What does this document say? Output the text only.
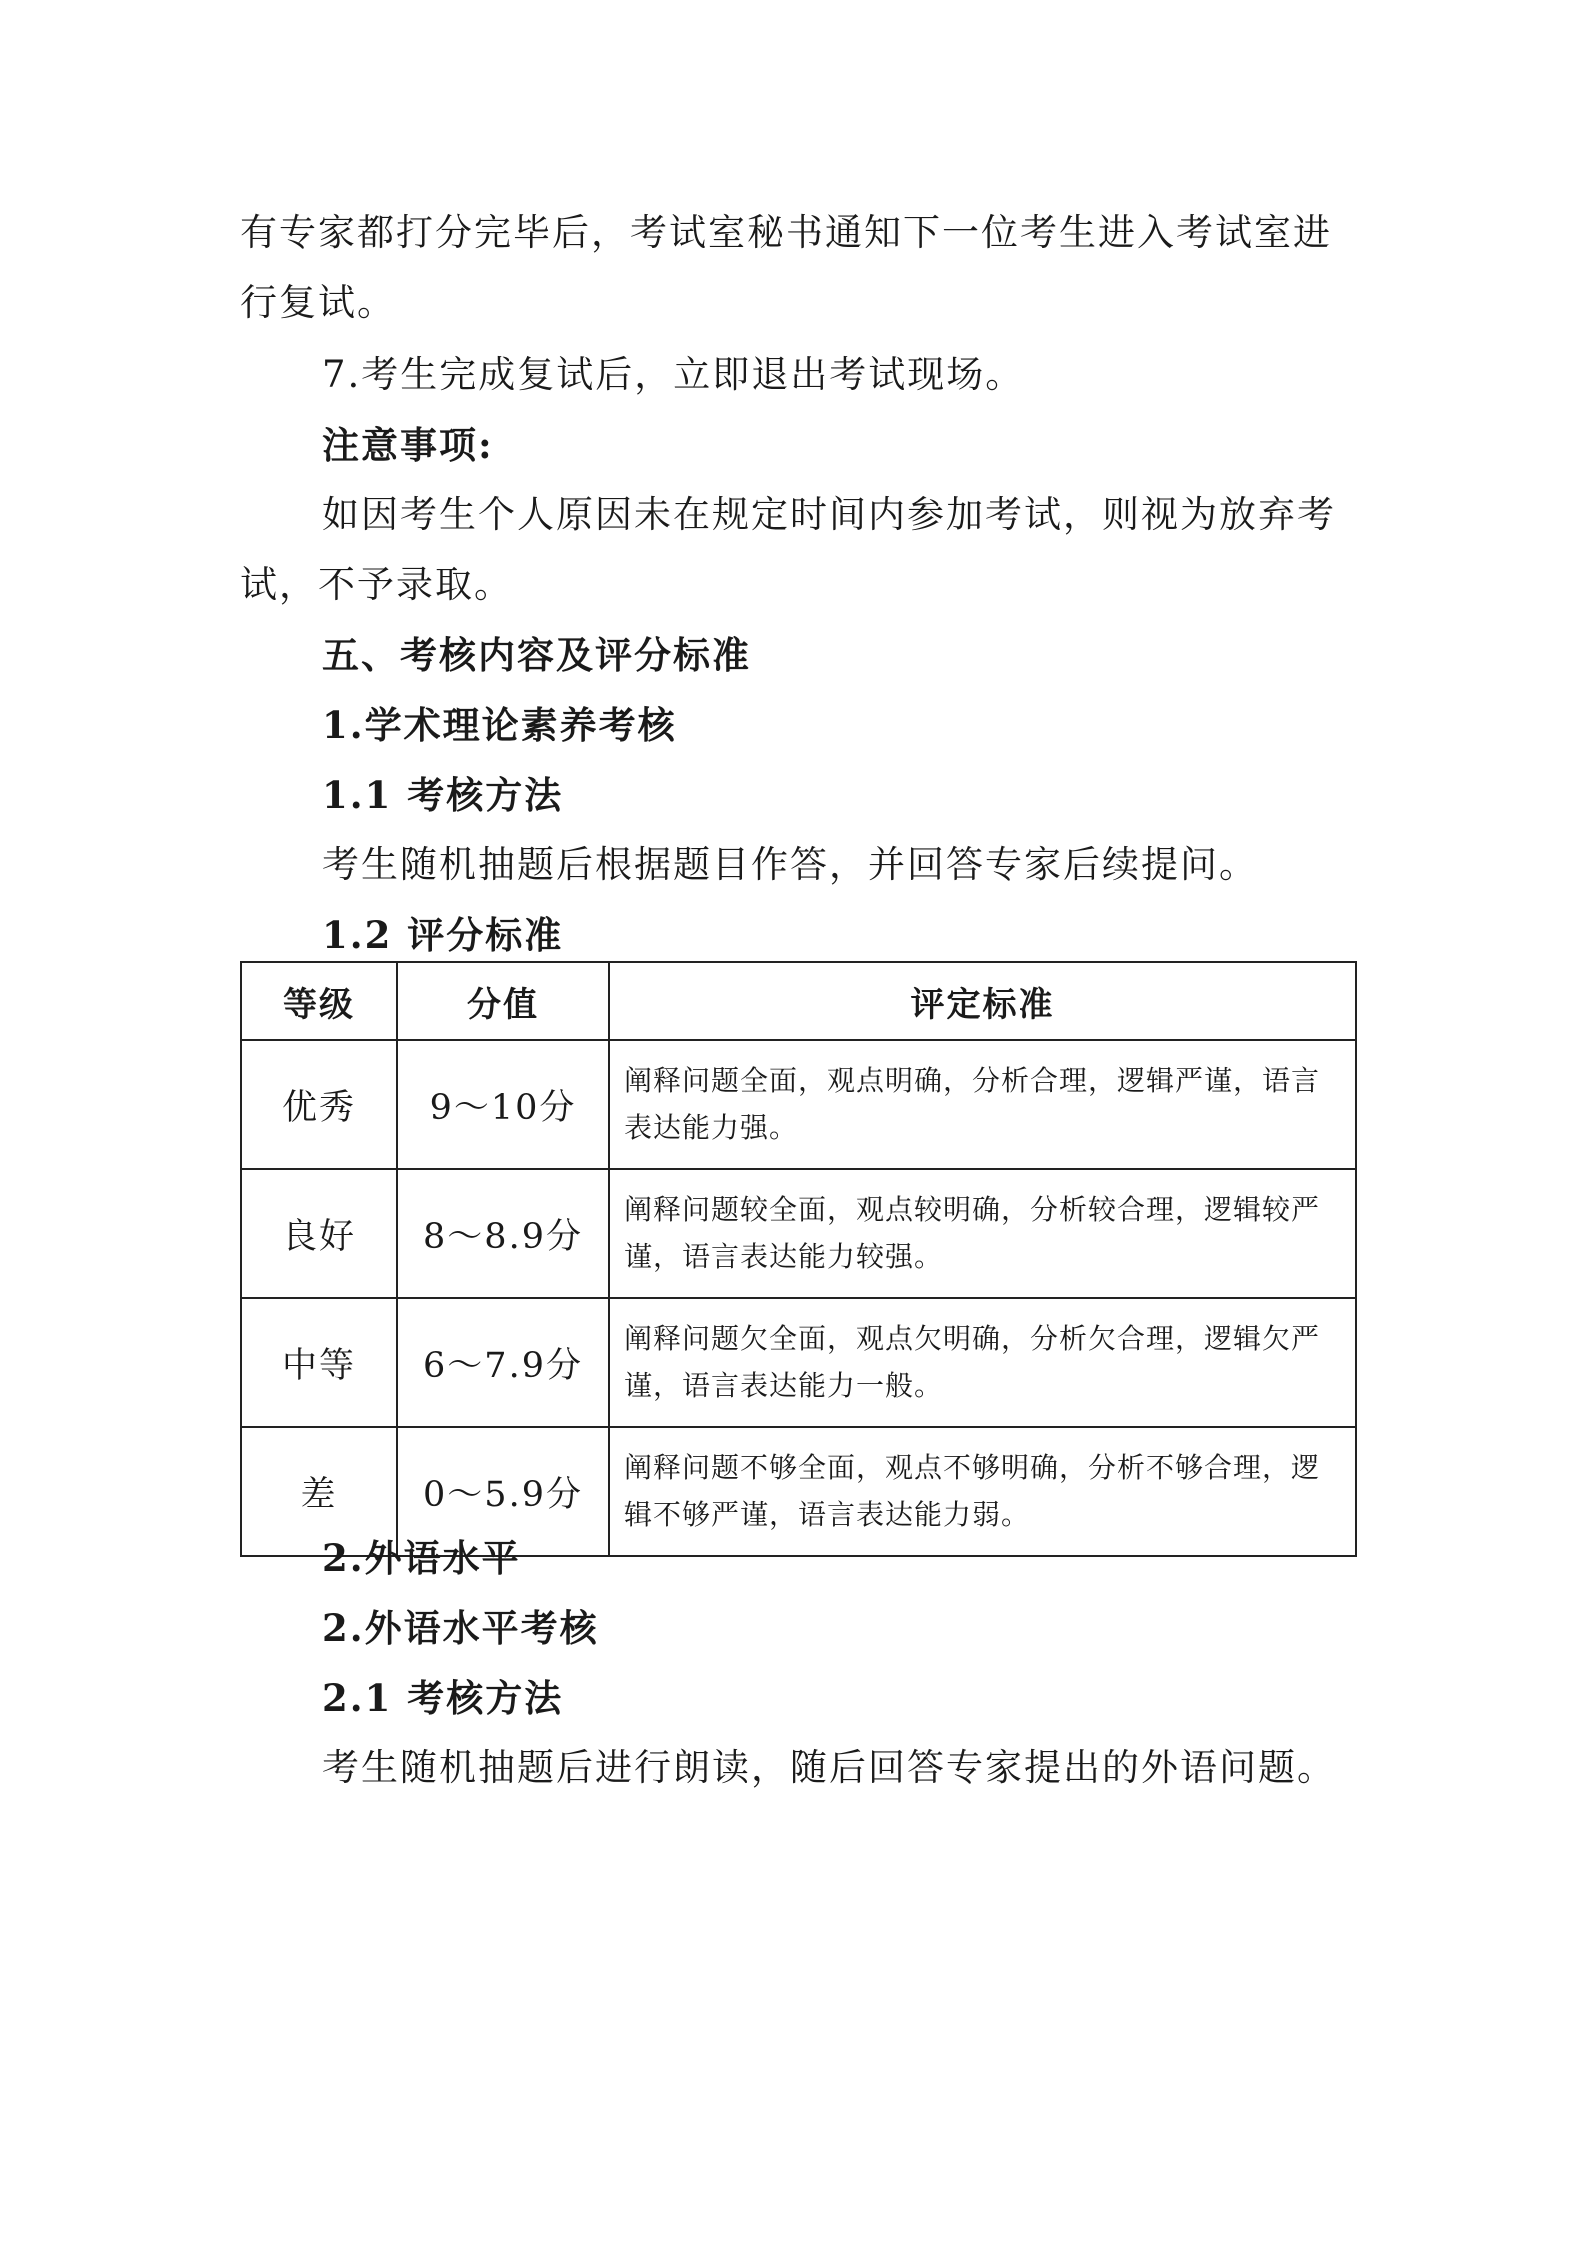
有专家都打分完毕后，考试室秘书通知下一位考生进入考试室进
行复试。
7.考生完成复试后，立即退出考试现场。
注意事项:
如因考生个人原因未在规定时间内参加考试，则视为放弃考
试，不予录取。
五、考核内容及评分标准
1.学术理论素养考核
1.1 考核方法
考生随机抽题后根据题目作答，并回答专家后续提问。
1.2 评分标准
等级	分值	评定标准
优秀	9～10分	阐释问题全面，观点明确，分析合理，逻辑严谨，语言表达能力强。
良好	8～8.9分	阐释问题较全面，观点较明确，分析较合理，逻辑较严谨，语言表达能力较强。
中等	6～7.9分	阐释问题欠全面，观点欠明确，分析欠合理，逻辑欠严谨，语言表达能力一般。
差	0～5.9分	阐释问题不够全面，观点不够明确，分析不够合理，逻辑不够严谨，语言表达能力弱。
2.外语水平
2.外语水平考核
2.1 考核方法
考生随机抽题后进行朗读，随后回答专家提出的外语问题。
